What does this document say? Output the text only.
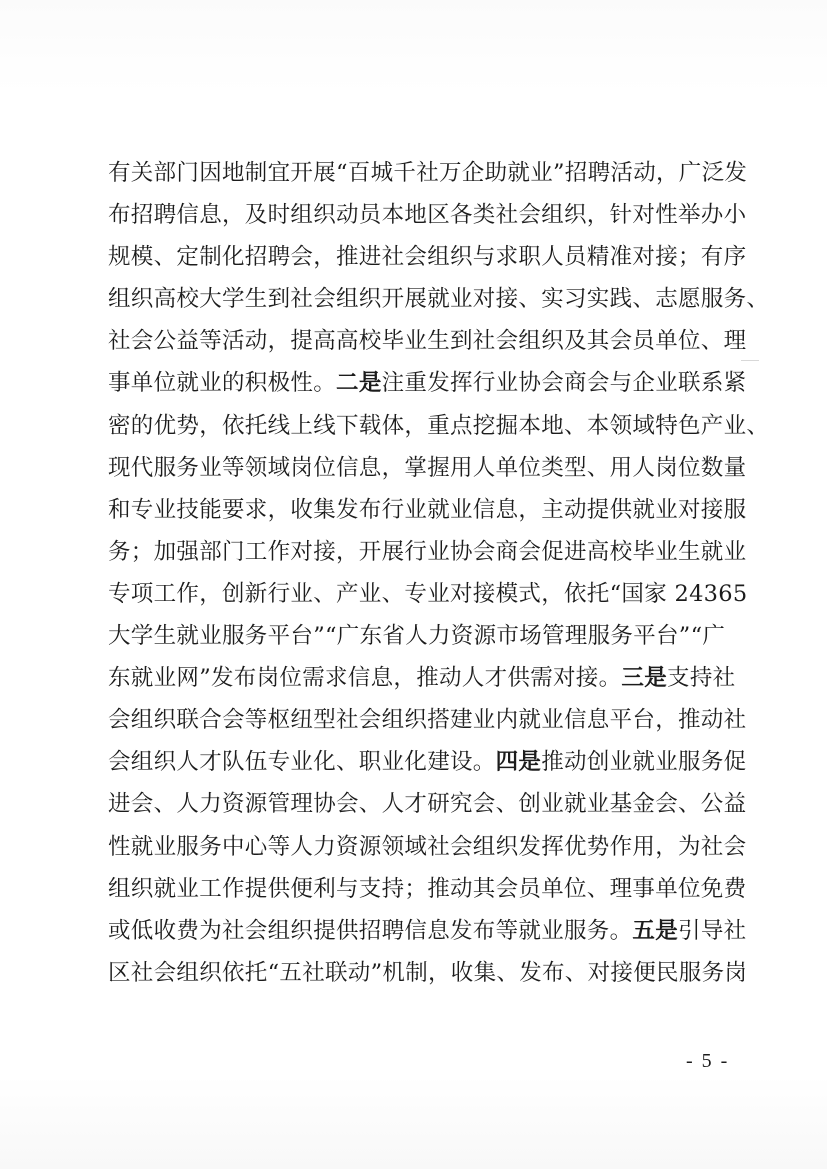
有关部门因地制宜开展“百城千社万企助就业”招聘活动，广泛发
布招聘信息，及时组织动员本地区各类社会组织，针对性举办小
规模、定制化招聘会，推进社会组织与求职人员精准对接；有序
组织高校大学生到社会组织开展就业对接、实习实践、志愿服务、
社会公益等活动，提高高校毕业生到社会组织及其会员单位、理
事单位就业的积极性。二是注重发挥行业协会商会与企业联系紧
密的优势，依托线上线下载体，重点挖掘本地、本领域特色产业、
现代服务业等领域岗位信息，掌握用人单位类型、用人岗位数量
和专业技能要求，收集发布行业就业信息，主动提供就业对接服
务；加强部门工作对接，开展行业协会商会促进高校毕业生就业
专项工作，创新行业、产业、专业对接模式，依托“国家 24365
大学生就业服务平台”“广东省人力资源市场管理服务平台”“广
东就业网”发布岗位需求信息，推动人才供需对接。三是支持社
会组织联合会等枢纽型社会组织搭建业内就业信息平台，推动社
会组织人才队伍专业化、职业化建设。四是推动创业就业服务促
进会、人力资源管理协会、人才研究会、创业就业基金会、公益
性就业服务中心等人力资源领域社会组织发挥优势作用，为社会
组织就业工作提供便利与支持；推动其会员单位、理事单位免费
或低收费为社会组织提供招聘信息发布等就业服务。五是引导社
区社会组织依托“五社联动”机制，收集、发布、对接便民服务岗
- 5 -
